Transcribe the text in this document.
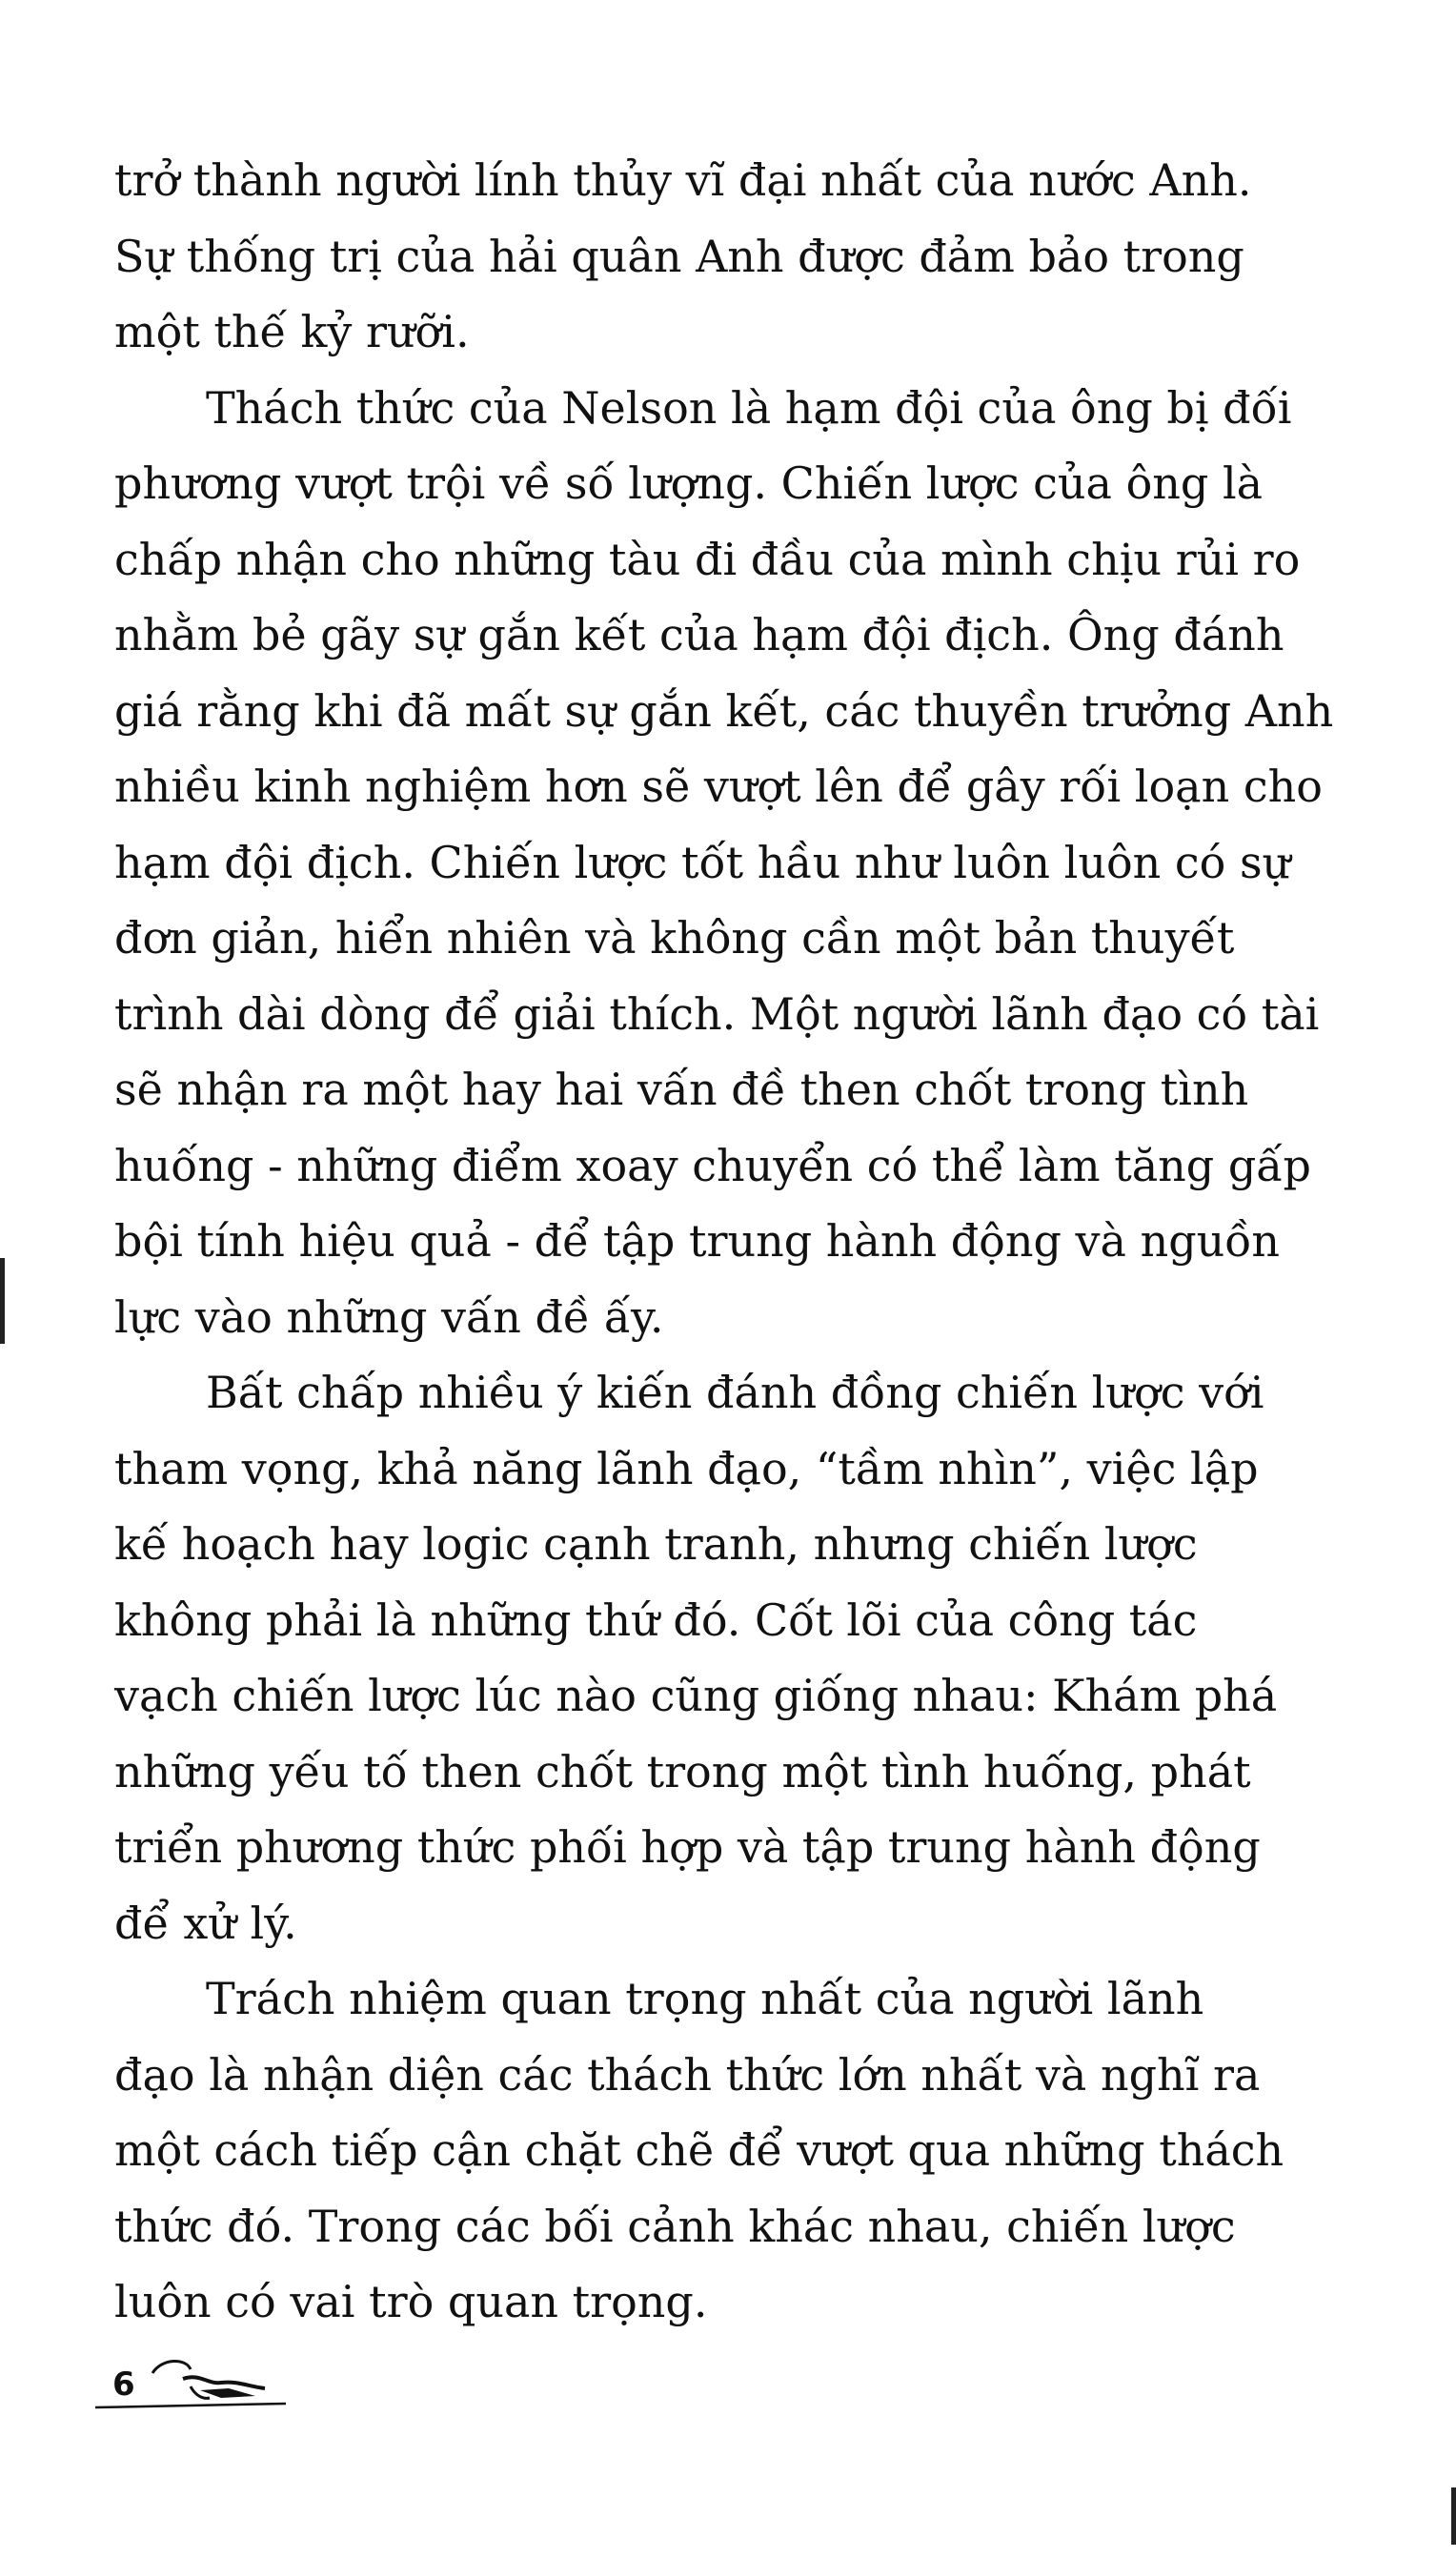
trở thành người lính thủy vĩ đại nhất của nước Anh.
Sự thống trị của hải quân Anh được đảm bảo trong
một thế kỷ rưỡi.

Thách thức của Nelson là hạm đội của ông bị đối
phương vượt trội về số lượng. Chiến lược của ông là
chấp nhận cho những tàu đi đầu của mình chịu rủi ro
nhằm bẻ gãy sự gắn kết của hạm đội địch. Ông đánh
giá rằng khi đã mất sự gắn kết, các thuyền trưởng Anh
nhiều kinh nghiệm hơn sẽ vượt lên để gây rối loạn cho
hạm đội địch. Chiến lược tốt hầu như luôn luôn có sự
đơn giản, hiển nhiên và không cần một bản thuyết
trình dài dòng để giải thích. Một người lãnh đạo có tài
sẽ nhận ra một hay hai vấn đề then chốt trong tình
huống - những điểm xoay chuyển có thể làm tăng gấp
bội tính hiệu quả - để tập trung hành động và nguồn
lực vào những vấn đề ấy.

Bất chấp nhiều ý kiến đánh đồng chiến lược với
tham vọng, khả năng lãnh đạo, “tầm nhìn”, việc lập
kế hoạch hay logic cạnh tranh, nhưng chiến lược
không phải là những thứ đó. Cốt lõi của công tác
vạch chiến lược lúc nào cũng giống nhau: Khám phá
những yếu tố then chốt trong một tình huống, phát
triển phương thức phối hợp và tập trung hành động
để xử lý.

Trách nhiệm quan trọng nhất của người lãnh
đạo là nhận diện các thách thức lớn nhất và nghĩ ra
một cách tiếp cận chặt chẽ để vượt qua những thách
thức đó. Trong các bối cảnh khác nhau, chiến lược
luôn có vai trò quan trọng.

6
